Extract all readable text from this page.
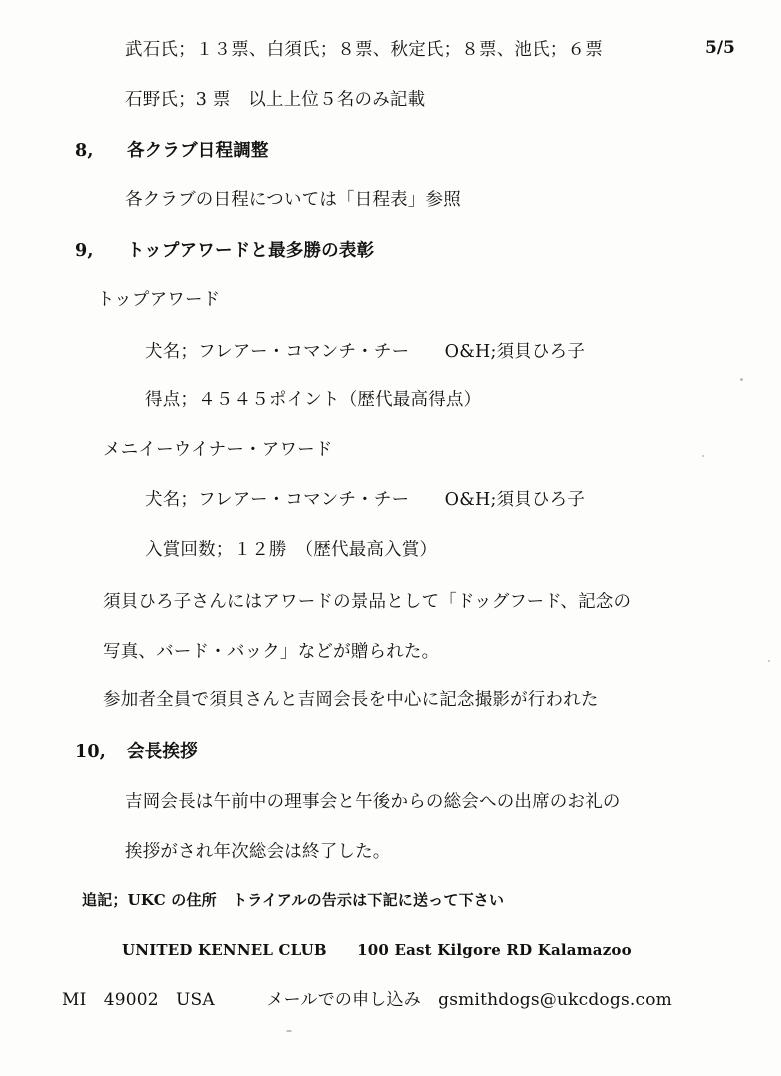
武石氏；１３票、白須氏；８票、秋定氏；８票、池氏；６票	5/5
石野氏；3 票　以上上位５名のみ記載
8, 各クラブ日程調整
各クラブの日程については「日程表」参照
9, トップアワードと最多勝の表彰
トップアワード
犬名；フレアー・コマンチ・チー　　O&H;須貝ひろ子
得点；４５４５ポイント（歴代最高得点）
メニイーウイナー・アワード
犬名；フレアー・コマンチ・チー　　O&H;須貝ひろ子
入賞回数；１２勝　（歴代最高入賞）
須貝ひろ子さんにはアワードの景品として「ドッグフード、記念の
写真、バード・バック」などが贈られた。
参加者全員で須貝さんと吉岡会長を中心に記念撮影が行われた
10, 会長挨拶
吉岡会長は午前中の理事会と午後からの総会への出席のお礼の
挨拶がされ年次総会は終了した。
追記；UKC の住所　トライアルの告示は下記に送って下さい
UNITED KENNEL CLUB　　100 East Kilgore RD Kalamazoo
MI　49002　USA　　　メールでの申し込み　gsmithdogs@ukcdogs.com
